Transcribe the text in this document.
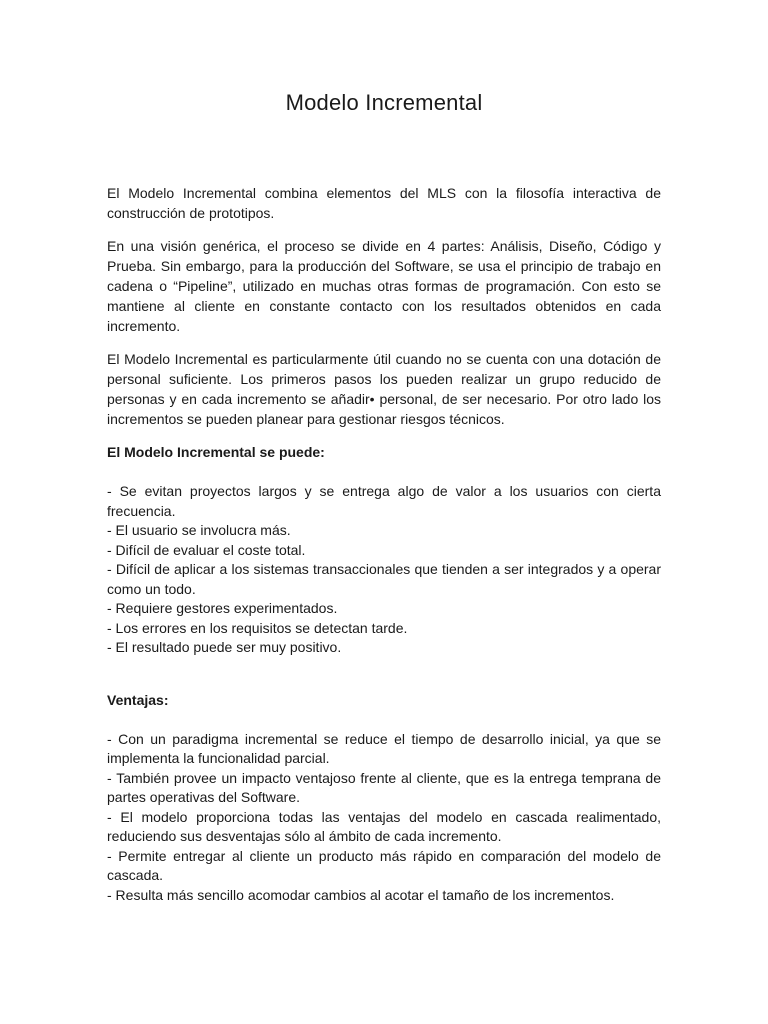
Modelo Incremental

El Modelo Incremental combina elementos del MLS con la filosofía interactiva de construcción de prototipos.

En una visión genérica, el proceso se divide en 4 partes: Análisis, Diseño, Código y Prueba. Sin embargo, para la producción del Software, se usa el principio de trabajo en cadena o “Pipeline”, utilizado en muchas otras formas de programación. Con esto se mantiene al cliente en constante contacto con los resultados obtenidos en cada incremento.

El Modelo Incremental es particularmente útil cuando no se cuenta con una dotación de personal suficiente. Los primeros pasos los pueden realizar un grupo reducido de personas y en cada incremento se añadir• personal, de ser necesario. Por otro lado los incrementos se pueden planear para gestionar riesgos técnicos.

El Modelo Incremental se puede:
- Se evitan proyectos largos y se entrega algo de valor a los usuarios con cierta frecuencia.
- El usuario se involucra más.
- Difícil de evaluar el coste total.
- Difícil de aplicar a los sistemas transaccionales que tienden a ser integrados y a operar como un todo.
- Requiere gestores experimentados.
- Los errores en los requisitos se detectan tarde.
- El resultado puede ser muy positivo.
Ventajas:
- Con un paradigma incremental se reduce el tiempo de desarrollo inicial, ya que se implementa la funcionalidad parcial.
- También provee un impacto ventajoso frente al cliente, que es la entrega temprana de partes operativas del Software.
- El modelo proporciona todas las ventajas del modelo en cascada realimentado, reduciendo sus desventajas sólo al ámbito de cada incremento.
- Permite entregar al cliente un producto más rápido en comparación del modelo de cascada.
- Resulta más sencillo acomodar cambios al acotar el tamaño de los incrementos.
